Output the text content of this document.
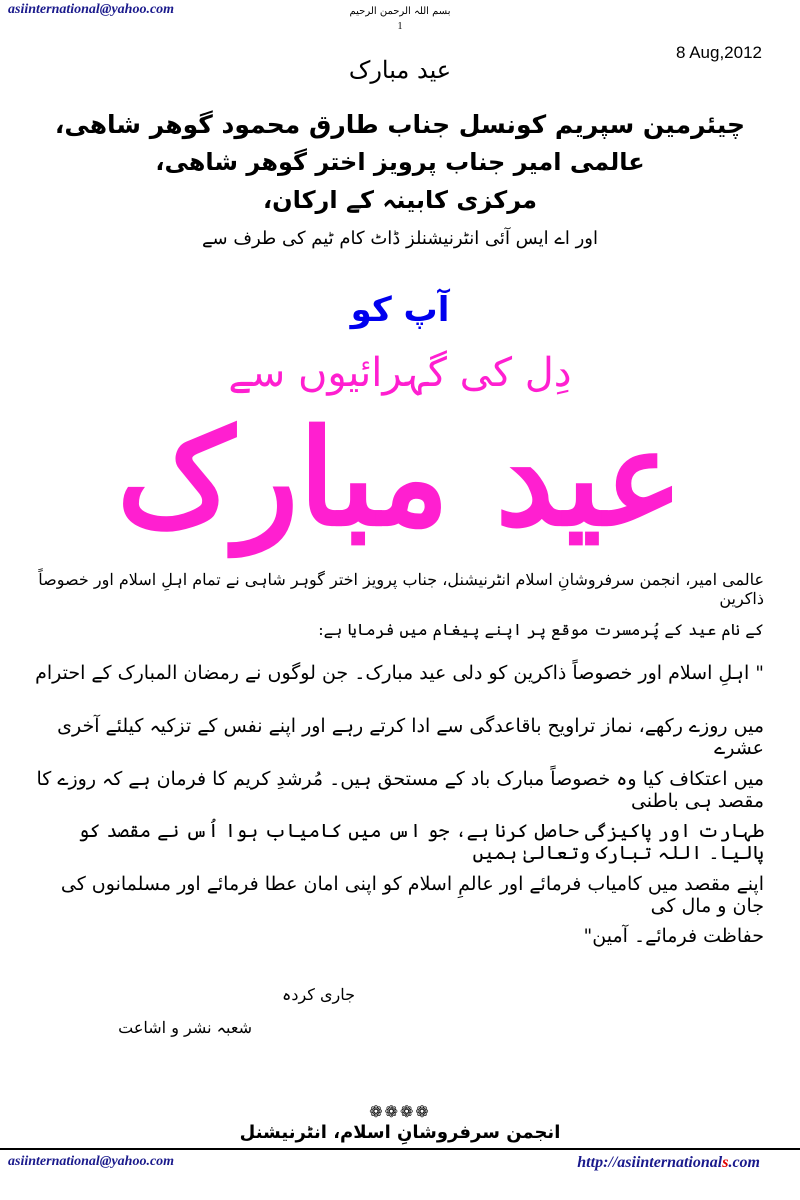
asiinternational@yahoo.com	بسم اللہ الرحمن الرحیم
1
8 Aug,2012
عید مبارک
چیئرمین سپریم کونسل جناب طارق محمود گوھر شاھی،
عالمی امیر جناب پرویز اختر گوھر شاھی،
مرکزی کابینہ کے ارکان،
اور اے ایس آئی انٹرنیشنلز ڈاٹ کام ٹیم کی طرف سے
آپ کو
دِل کی گہرائیوں سے
عید مبارک
عالمی امیر، انجمن سرفروشانِ اسلام انٹرنیشنل، جناب پرویز اختر گوہر شاہی نے تمام اہلِ اسلام اور خصوصاً ذاکرین
کے نام عید کے پُرمسرت موقع پر اپنے پیغام میں فرمایا ہے:
" اہلِ اسلام اور خصوصاً ذاکرین کو دلی عید مبارک۔ جن لوگوں نے رمضان المبارک کے احترام
میں روزے رکھے، نماز تراویح باقاعدگی سے ادا کرتے رہے اور اپنے نفس کے تزکیہ کیلئے آخری عشرے
میں اعتکاف کیا وہ خصوصاً مبارک باد کے مستحق ہیں۔ مُرشدِ کریم کا فرمان ہے کہ روزے کا مقصد ہی باطنی
طہارت اور پاکیزگی حاصل کرنا ہے، جو اس میں کامیاب ہوا اُس نے مقصد کو پالیا۔ اللہ تبارک وتعالیٰ ہمیں
اپنے مقصد میں کامیاب فرمائے اور عالمِ اسلام کو اپنی امان عطا فرمائے اور مسلمانوں کی جان و مال کی
حفاظت فرمائے۔ آمین"
جاری کردہ
شعبہ نشر و اشاعت
❁❁❁❁
انجمن سرفروشانِ اسلام، انٹرنیشنل
asiinternational@yahoo.com	http://asiinternationals.com
